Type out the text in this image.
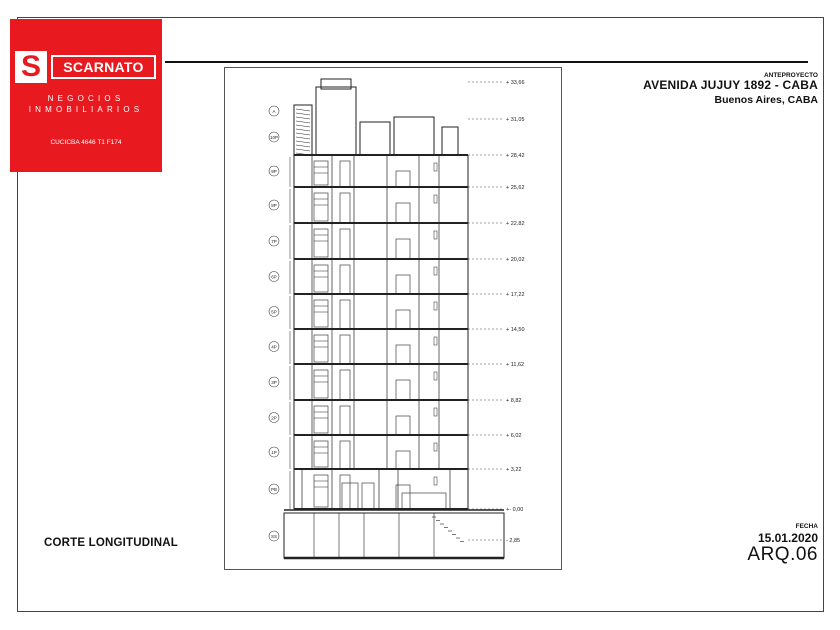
S	SCARNATO
NEGOCIOS
INMOBILIARIOS
CUCICBA 4646 T1 F174
ANTEPROYECTO
AVENIDA JUJUY 1892 - CABA
Buenos Aires, CABA
FECHA
15.01.2020
ARQ.06
CORTE LONGITUDINAL
+ 33,66
+ 31,05
A
+ 28,42
10P
+ 25,62
9P
+ 22,82
8P
+ 20,02
7P
+ 17,22
6P
+ 14,50
5P
+ 11,62
4P
+ 8,82
3P
+ 6,02
2P
+ 3,22
1P
+- 0,00
PB
- 2,85
SS
